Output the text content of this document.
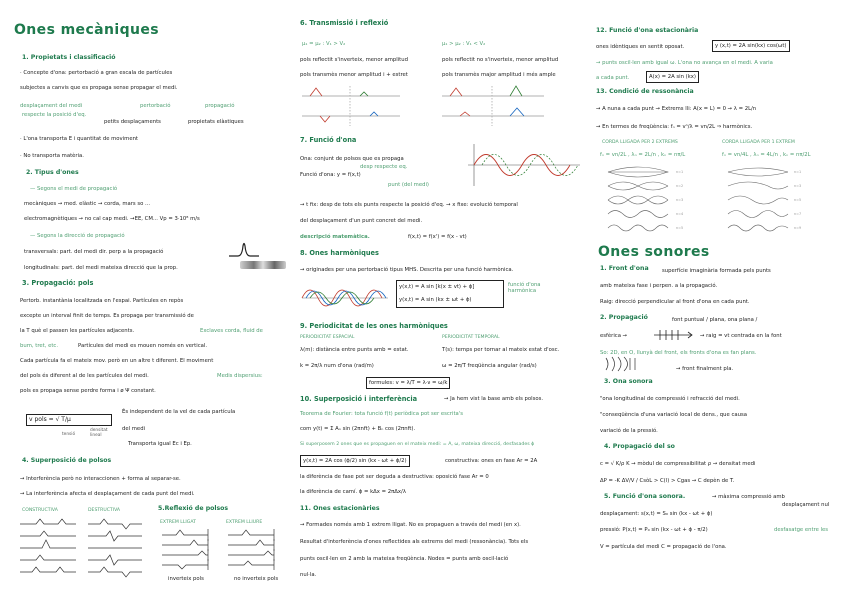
Ones mecàniques
1. Propietats i classificació
· Concepte d'ona: pertorbació a gran escala de partícules
subjectes a canvis que es propaga sense propagar el medi.
desplaçament del medi	pertorbació	propagació
respecte la posició d'eq.
petits desplaçaments	propietats elàstiques
· L'ona transporta E i quantitat de moviment
· No transporta matèria.
2. Tipus d'ones
— Segons el medi de propagació
mecàniques → med. elàstic → corda, mars so ...
electromagnètiques → no cal cap medi. →EE, CM... Vp = 3·10⁸ m/s
— Segons la direcció de propagació
transversals: part. del medi dir. perp a la propagació
longitudinals: part. del medi mateixa direcció que la prop.
3. Propagació: pols
Pertorb. instantània localitzada en l'espai. Partícules en repòs
excepte un interval finit de temps. Es propaga per transmissió de
la T què el passen les partícules adjacents.	Exclaves corda, fluid de
bum, tret, etc.	Partícules del medi es mouen només en vertical.
Cada partícula fa el mateix mov. però en un altre t diferent. El moviment
del pols és diferent al de les partícules del medi.	Medis dispersius:
pols es propaga sense perdre forma i ø Ψ constant.
v pols = √ T/μ
tensió
densitat lineal
És independent de la vel de cada partícula
del medi
Transporta igual Ec i Ep.
4. Superposició de polsos
→ Interferència però no interaccionen + forma al separar-se.
→ La interferència afecta el desplaçament de cada punt del medi.
CONSTRUCTIVA	DESTRUCTIVA	5.Reflexió de polsos
EXTREM LLIGAT	EXTREM LLIURE
inverteix pols	no inverteix pols
6. Transmissió i reflexió
μ₁ = μ₂ : V₁ > V₂	μ₁ > μ₂ : V₁ < V₂
pols reflectit s'inverteix, menor amplitud
pols transmès menor amplitud i + estret
pols reflectit no s'inverteix, menor amplitud
pols transmès major amplitud i més ample
7. Funció d'ona
Ona: conjunt de polsos que es propaga
desp respecte eq.
Funció d'ona: y = f(x,t)
punt (del medi)
→ t fix: desp de tots els punts respecte la posició d'eq. → x fixe: evolució temporal
del desplaçament d'un punt concret del medi.
descripció matemàtica.	f(x,t) = f(x') = f(x - vt)
8. Ones harmòniques
→ originades per una pertorbació tipus MHS. Descrita per una funció harmònica.
y(x,t) = A sin [k(x ± vt) + ϕ]
y(x,t) = A sin (kx ± ωt + ϕ)
funció d'ona harmònica
9. Periodicitat de les ones harmòniques
PERIODICITAT ESPACIAL	PERIODICITAT TEMPORAL
λ(m): distància entre punts amb = estat.	T(s): temps per tornar al mateix estat d'osc.
k = 2π/λ num d'ona (rad/m)	ω = 2π/T freqüència angular (rad/s)
formules: v = λ/T = λ·ν = ω/k
10. Superposició i interferència	→ Ja hem vist la base amb els polsos.
Teorema de Fourier: tota funció f(t) periòdica pot ser escrita's
com y(t) = Σ Aₙ sin (2πnft) + Bₙ cos (2πnft).
Si superposem 2 ones que es propaguen en el mateix medi: = A, ω, mateixa direcció, desfasades ϕ
y(x,t) = 2A cos (ϕ/2) sin (kx - ωt + ϕ/2)	constructiva: ones en fase Ar = 2A
la diferència de fase pot ser deguda a destructiva: oposició fase Ar = 0
la diferència de camí. ϕ = kΔx = 2πΔx/λ
11. Ones estacionàries
→ Formades només amb 1 extrem lligat. No es propaguen a través del medi (en x).
Resultat d'interferència d'ones reflectides als extrems del medi (ressonància). Tots els
punts oscil·len en 2 amb la mateixa freqüència. Nodes = punts amb oscil·lació
nul·la.
12. Funció d'ona estacionària
ones idèntiques en sentit oposat.	y (x,t) = 2A sin(kx) cos(ωt)
→ punts oscil·len amb igual ω. L'ona no avança en el medi. A varia
a cada punt.	A(x) = 2A sin (kx)
13. Condició de ressonància
→ A nuna a cada punt → Extrems lli: A(x = L) = 0 → λ = 2L/n
→ En termes de freqüència: fₙ = vⁿ/λ = vn/2L ⇒ harmònics.
CORDA LLIGADA PER 2 EXTREMS	CORDA LLIGADA PER 1 EXTREM
fₙ = vn/2L , λₙ = 2L/n , kₙ = nπ/L	fₙ = vn/4L , λₙ = 4L/n , kₙ = nπ/2L
n=1
n=2
n=3
n=4
n=5
n=1
n=3
n=5
n=7
n=9
Ones sonores
1. Front d'ona	superfície imaginària formada pels punts
amb mateixa fase i perpen. a la propagació.
Raig: direcció perpendicular al front d'ona en cada punt.
2. Propagació	font puntual / plana, ona plana /
esfèrica →	→ raig = vt centrada en la font
So: 2D, en O, llunyà del front, els fronts d'ona es fan plans.
→ front finalment pla.
3. Ona sonora
"ona longitudinal de compressió i refracció del medi.
"conseqüència d'una variació local de dens., que causa
variació de la pressió.
4. Propagació del so
c = √ K/ρ K → mòdul de compressibilitat ρ → densitat medi
ΔP = -K ΔV/V / CsòL > C(l) > Cgas → C depèn de T.
5. Funció d'ona sonora.	→ màxima compressió amb
desplaçament nul
desplaçament: s(x,t) = S₀ sin (kx - ωt + ϕ)
pressió: P(x,t) = P₀ sin (kx - ωt + ϕ - π/2)	desfasatge entre les
V = partícula del medi C = propagació de l'ona.
